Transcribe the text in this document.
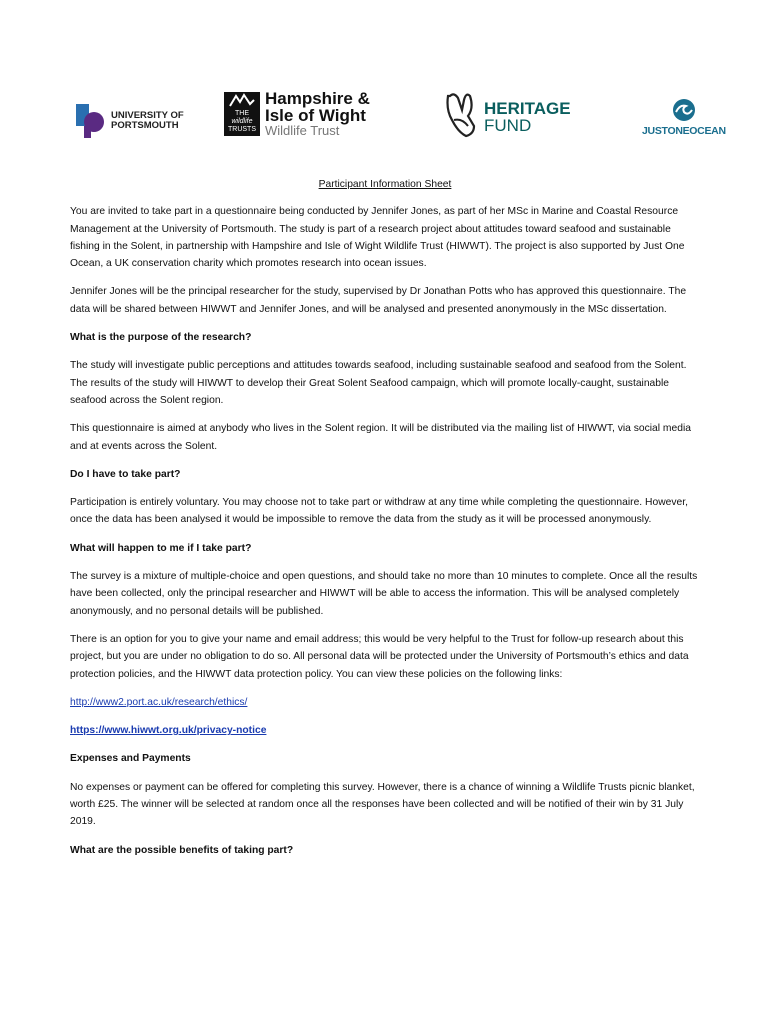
UNIVERSITY OF
PORTSMOUTH
THE
wildlife
TRUSTS
Hampshire &
Isle of Wight
Wildlife Trust
HERITAGE
FUND	JUSTONEOCEAN

Participant Information Sheet

You are invited to take part in a questionnaire being conducted by Jennifer Jones, as part of her MSc in Marine and Coastal Resource Management at the University of Portsmouth. The study is part of a research project about attitudes toward seafood and sustainable fishing in the Solent, in partnership with Hampshire and Isle of Wight Wildlife Trust (HIWWT). The project is also supported by Just One Ocean, a UK conservation charity which promotes research into ocean issues.

Jennifer Jones will be the principal researcher for the study, supervised by Dr Jonathan Potts who has approved this questionnaire. The data will be shared between HIWWT and Jennifer Jones, and will be analysed and presented anonymously in the MSc dissertation.

What is the purpose of the research?

The study will investigate public perceptions and attitudes towards seafood, including sustainable seafood and seafood from the Solent. The results of the study will HIWWT to develop their Great Solent Seafood campaign, which will promote locally-caught, sustainable seafood across the Solent region.

This questionnaire is aimed at anybody who lives in the Solent region. It will be distributed via the mailing list of HIWWT, via social media and at events across the Solent.

Do I have to take part?

Participation is entirely voluntary. You may choose not to take part or withdraw at any time while completing the questionnaire. However, once the data has been analysed it would be impossible to remove the data from the study as it will be processed anonymously.

What will happen to me if I take part?

The survey is a mixture of multiple-choice and open questions, and should take no more than 10 minutes to complete. Once all the results have been collected, only the principal researcher and HIWWT will be able to access the information. This will be analysed completely anonymously, and no personal details will be published.

There is an option for you to give your name and email address; this would be very helpful to the Trust for follow-up research about this project, but you are under no obligation to do so. All personal data will be protected under the University of Portsmouth’s ethics and data protection policies, and the HIWWT data protection policy. You can view these policies on the following links:

http://www2.port.ac.uk/research/ethics/

https://www.hiwwt.org.uk/privacy-notice

Expenses and Payments

No expenses or payment can be offered for completing this survey. However, there is a chance of winning a Wildlife Trusts picnic blanket, worth £25. The winner will be selected at random once all the responses have been collected and will be notified of their win by 31 July 2019.

What are the possible benefits of taking part?
